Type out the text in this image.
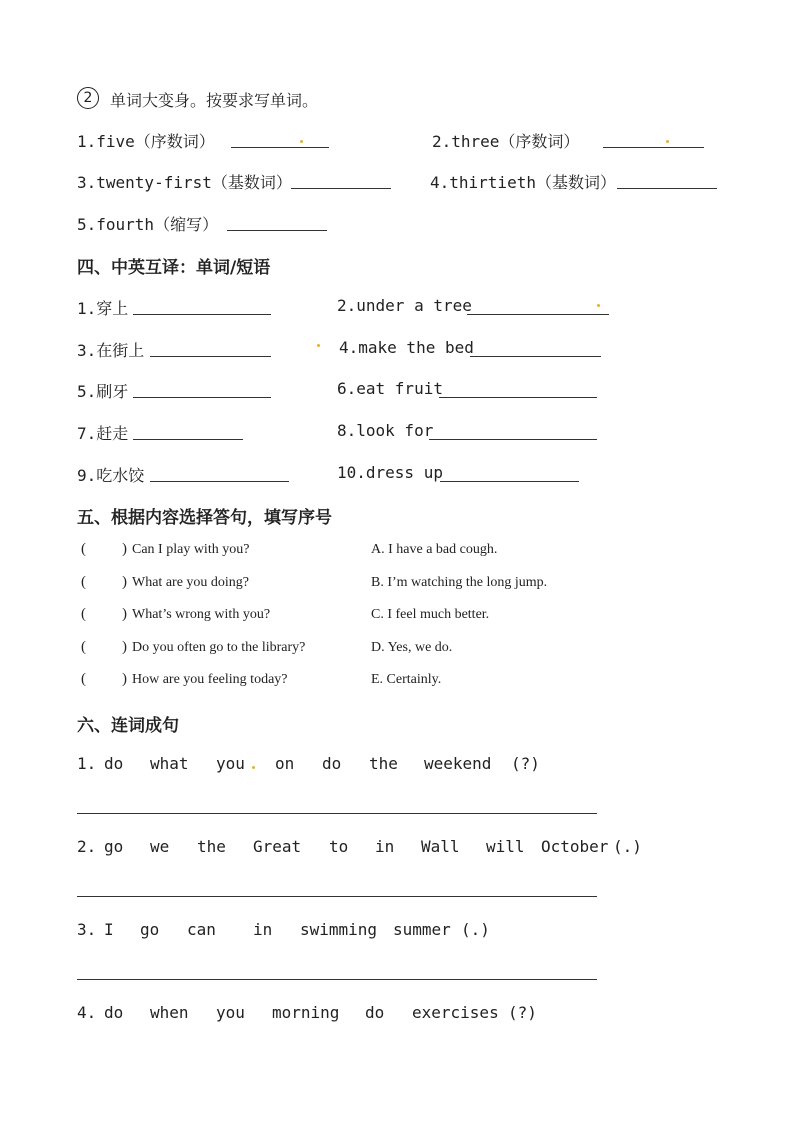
2	单词大变身。按要求写单词。
1.five（序数词）	2.three（序数词）
3.twenty-first（基数词）	4.thirtieth（基数词）
5.fourth（缩写）
四、中英互译：单词/短语
1.穿上	2.under a tree
3.在街上	4.make the bed
5.刷牙	6.eat fruit
7.赶走	8.look for
9.吃水饺	10.dress up
五、根据内容选择答句，填写序号
( ) Can I play with you?	A. I have a bad cough.
( ) What are you doing?	B. I’m watching the long jump.
( ) What’s wrong with you?	C. I feel much better.
( ) Do you often go to the library?	D. Yes, we do.
( ) How are you feeling today?	E. Certainly.
六、连词成句
1. do what you on do the weekend (?)
2. go we the Great to in Wall will October (.)
3. I go can in swimming summer (.)
4. do when you morning do exercises (?)
